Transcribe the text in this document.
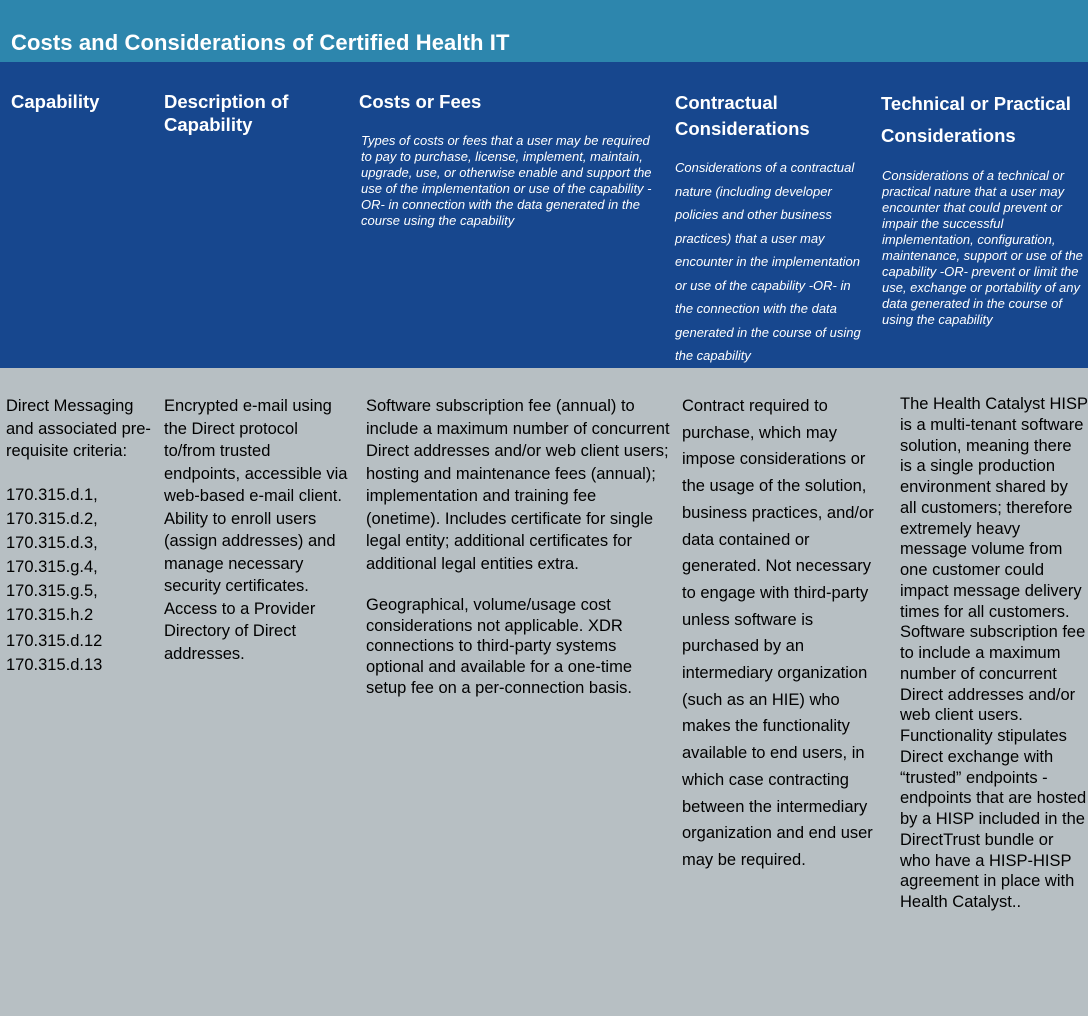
Costs and Considerations of Certified Health IT
Capability	Description of Capability
Costs or Fees
Types of costs or fees that a user may be required to pay to purchase, license, implement, maintain, upgrade, use, or otherwise enable and support the use of the implementation or use of the capability -OR- in connection with the data generated in the course using the capability
Contractual Considerations
Considerations of a contractual nature (including developer policies and other business practices) that a user may encounter in the implementation or use of the capability -OR- in the connection with the data generated in the course of using the capability
Technical or Practical Considerations
Considerations of a technical or practical nature that a user may encounter that could prevent or impair the successful implementation, configuration, maintenance, support or use of the capability -OR- prevent or limit the use, exchange or portability of any data generated in the course of using the capability

Direct Messaging and associated pre-requisite criteria:

170.315.d.1,
170.315.d.2,
170.315.d.3,
170.315.g.4,
170.315.g.5,
170.315.h.2
170.315.d.12
170.315.d.13

Encrypted e-mail using the Direct protocol to/from trusted endpoints, accessible via web-based e-mail client. Ability to enroll users (assign addresses) and manage necessary security certificates. Access to a Provider Directory of Direct addresses.

Software subscription fee (annual) to include a maximum number of concurrent Direct addresses and/or web client users; hosting and maintenance fees (annual); implementation and training fee (onetime). Includes certificate for single legal entity; additional certificates for additional legal entities extra.

Geographical, volume/usage cost considerations not applicable. XDR connections to third-party systems optional and available for a one-time setup fee on a per-connection basis.

Contract required to purchase, which may impose considerations or the usage of the solution, business practices, and/or data contained or generated. Not necessary to engage with third-party unless software is purchased by an intermediary organization (such as an HIE) who makes the functionality available to end users, in which case contracting between the intermediary organization and end user may be required.

The Health Catalyst HISP is a multi-tenant software solution, meaning there is a single production environment shared by all customers; therefore extremely heavy message volume from one customer could impact message delivery times for all customers. Software subscription fee to include a maximum number of concurrent Direct addresses and/or web client users. Functionality stipulates Direct exchange with “trusted” endpoints - endpoints that are hosted by a HISP included in the DirectTrust bundle or who have a HISP-HISP agreement in place with Health Catalyst..
